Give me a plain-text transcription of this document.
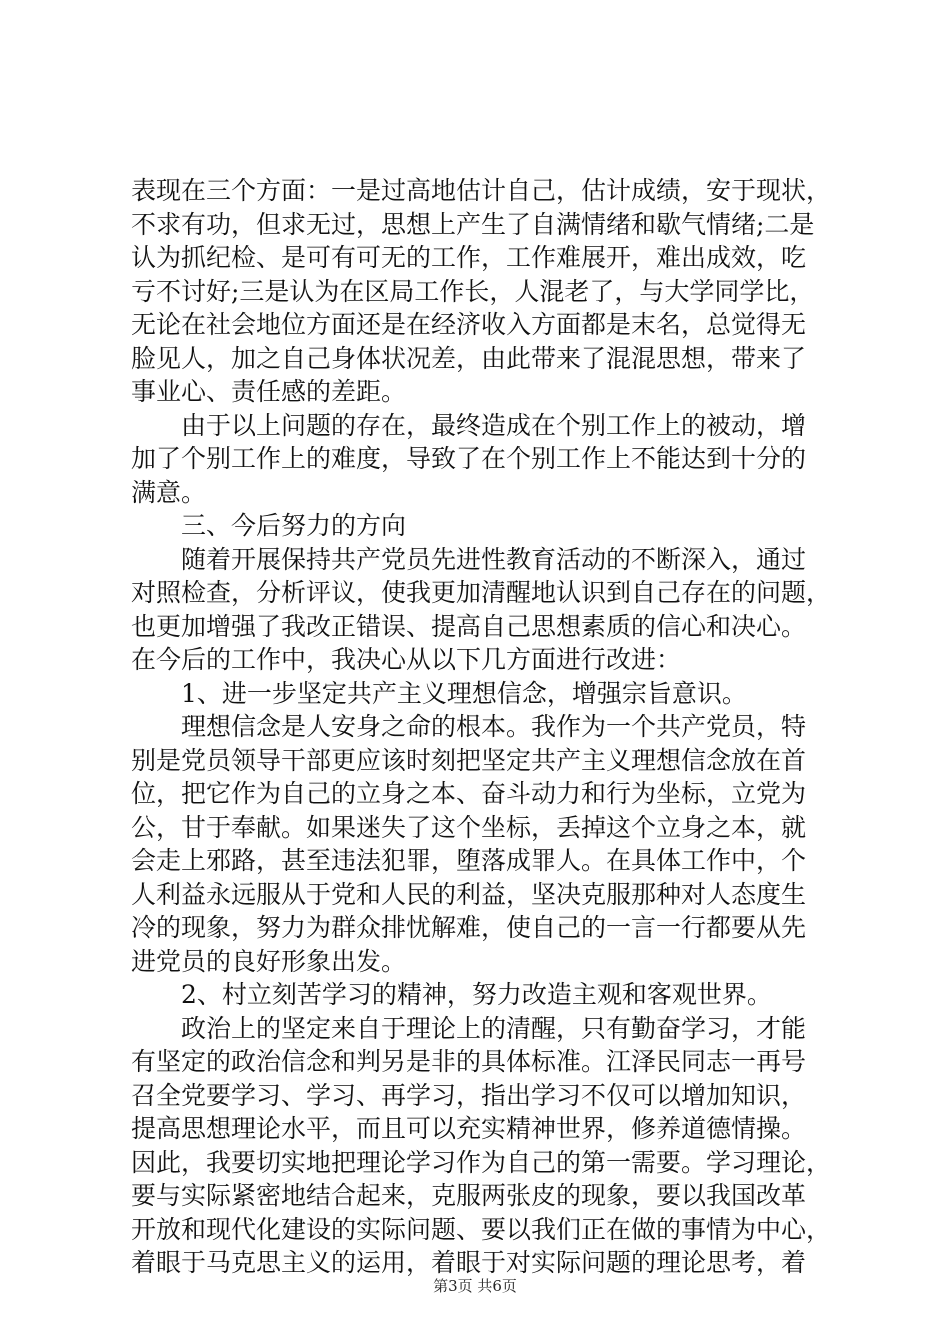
表现在三个方面：一是过高地估计自己，估计成绩，安于现状，
不求有功，但求无过，思想上产生了自满情绪和歇气情绪;二是
认为抓纪检、是可有可无的工作，工作难展开，难出成效，吃
亏不讨好;三是认为在区局工作长，人混老了，与大学同学比，
无论在社会地位方面还是在经济收入方面都是末名，总觉得无
脸见人，加之自己身体状况差，由此带来了混混思想，带来了
事业心、责任感的差距。
由于以上问题的存在，最终造成在个别工作上的被动，增
加了个别工作上的难度，导致了在个别工作上不能达到十分的
满意。
三、今后努力的方向
随着开展保持共产党员先进性教育活动的不断深入，通过
对照检查，分析评议，使我更加清醒地认识到自己存在的问题，
也更加增强了我改正错误、提高自己思想素质的信心和决心。
在今后的工作中，我决心从以下几方面进行改进：
1、进一步坚定共产主义理想信念，增强宗旨意识。
理想信念是人安身之命的根本。我作为一个共产党员，特
别是党员领导干部更应该时刻把坚定共产主义理想信念放在首
位，把它作为自己的立身之本、奋斗动力和行为坐标，立党为
公，甘于奉献。如果迷失了这个坐标，丢掉这个立身之本，就
会走上邪路，甚至违法犯罪，堕落成罪人。在具体工作中，个
人利益永远服从于党和人民的利益，坚决克服那种对人态度生
冷的现象，努力为群众排忧解难，使自己的一言一行都要从先
进党员的良好形象出发。
2、村立刻苦学习的精神，努力改造主观和客观世界。
政治上的坚定来自于理论上的清醒，只有勤奋学习，才能
有坚定的政治信念和判另是非的具体标准。江泽民同志一再号
召全党要学习、学习、再学习，指出学习不仅可以增加知识，
提高思想理论水平，而且可以充实精神世界，修养道德情操。
因此，我要切实地把理论学习作为自己的第一需要。学习理论，
要与实际紧密地结合起来，克服两张皮的现象，要以我国改革
开放和现代化建设的实际问题、要以我们正在做的事情为中心，
着眼于马克思主义的运用，着眼于对实际问题的理论思考，着
第3页 共6页
